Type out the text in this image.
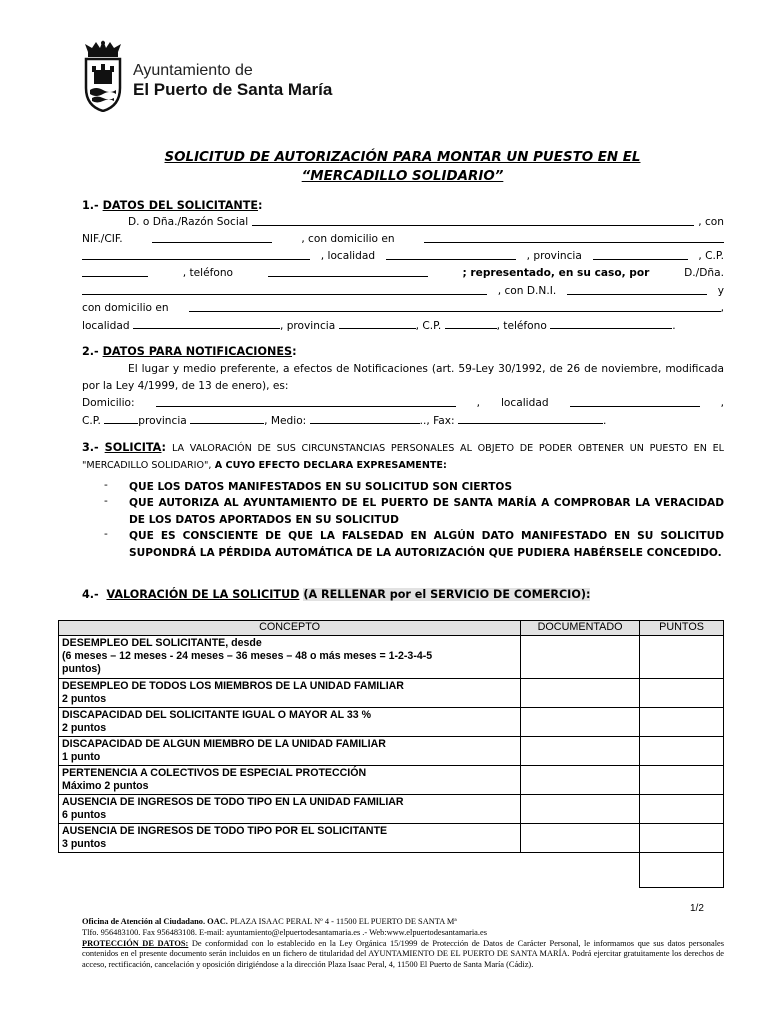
Ayuntamiento de
El Puerto de Santa María
SOLICITUD DE AUTORIZACIÓN PARA MONTAR UN PUESTO EN EL
“MERCADILLO SOLIDARIO”
1.- DATOS DEL SOLICITANTE:
D. o Dña./Razón Social	, con
NIF./CIF.	, con domicilio en
, localidad	, provincia	, C.P.
, teléfono	; representado, en su caso, por	D./Dña.
, con D.N.I.	y
con domicilio en	,
localidad	, provincia	, C.P.	, teléfono	.
2.- DATOS PARA NOTIFICACIONES:
El lugar y medio preferente, a efectos de Notificaciones (art. 59-Ley 30/1992, de 26 de noviembre, modificada por la Ley 4/1999, de 13 de enero), es:
Domicilio:	, localidad	,
C.P.	provincia	, Medio:	.., Fax:	.
3.- SOLICITA: LA VALORACIÓN DE SUS CIRCUNSTANCIAS PERSONALES AL OBJETO DE PODER OBTENER UN PUESTO EN EL "MERCADILLO SOLIDARIO", A CUYO EFECTO DECLARA EXPRESAMENTE:
- QUE LOS DATOS MANIFESTADOS EN SU SOLICITUD SON CIERTOS
- QUE AUTORIZA AL AYUNTAMIENTO DE EL PUERTO DE SANTA MARÍA A COMPROBAR LA VERACIDAD DE LOS DATOS APORTADOS EN SU SOLICITUD
- QUE ES CONSCIENTE DE QUE LA FALSEDAD EN ALGÚN DATO MANIFESTADO EN SU SOLICITUD SUPONDRÁ LA PÉRDIDA AUTOMÁTICA DE LA AUTORIZACIÓN QUE PUDIERA HABÉRSELE CONCEDIDO.
4.- VALORACIÓN DE LA SOLICITUD (A RELLENAR por el SERVICIO DE COMERCIO):
CONCEPTO	DOCUMENTADO	PUNTOS

DESEMPLEO DEL SOLICITANTE, desde
(6 meses – 12 meses - 24 meses – 36 meses – 48 o más meses = 1-2-3-4-5
puntos)		

DESEMPLEO DE TODOS LOS MIEMBROS DE LA UNIDAD FAMILIAR
2 puntos		

DISCAPACIDAD DEL SOLICITANTE IGUAL O MAYOR AL 33 %
2 puntos		

DISCAPACIDAD DE ALGUN MIEMBRO DE LA UNIDAD FAMILIAR
1 punto		

PERTENENCIA A COLECTIVOS DE ESPECIAL PROTECCIÓN
Máximo 2 puntos		

AUSENCIA DE INGRESOS DE TODO TIPO EN LA UNIDAD FAMILIAR
6 puntos		

AUSENCIA DE INGRESOS DE TODO TIPO POR EL SOLICITANTE
3 puntos		

1/2
Oficina de Atención al Ciudadano. OAC. PLAZA ISAAC PERAL Nº 4 - 11500 EL PUERTO DE SANTA Mª
Tlfo. 956483100. Fax 956483108. E-mail: ayuntamiento@elpuertodesantamaria.es .- Web:www.elpuertodesantamaria.es
PROTECCIÓN DE DATOS: De conformidad con lo establecido en la Ley Orgánica 15/1999 de Protección de Datos de Carácter Personal, le informamos que sus datos personales contenidos en el presente documento serán incluidos en un fichero de titularidad del AYUNTAMIENTO DE EL PUERTO DE SANTA MARÍA. Podrá ejercitar gratuitamente los derechos de acceso, rectificación, cancelación y oposición dirigiéndose a la dirección Plaza Isaac Peral, 4, 11500 El Puerto de Santa María (Cádiz).
